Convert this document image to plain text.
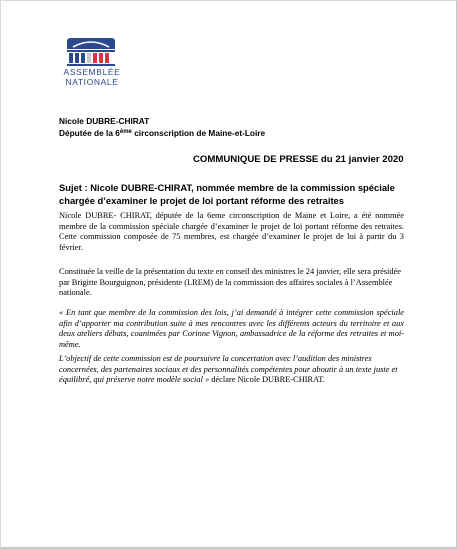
ASSEMBLÉE
NATIONALE
Nicole DUBRE-CHIRAT
Députée de la 6ème circonscription de Maine-et-Loire
COMMUNIQUE DE PRESSE du 21 janvier 2020
Sujet : Nicole DUBRE-CHIRAT, nommée membre de la commission spéciale chargée d’examiner le projet de loi portant réforme des retraites
Nicole DUBRE- CHIRAT, députée de la 6eme circonscription de Maine et Loire, a été nommée membre de la commission spéciale chargée d’examiner le projet de loi portant réforme des retraites. Cette commission composée de 75 membres, est chargée d’examiner le projet de loi à partir du 3 février.
Constituée la veille de la présentation du texte en conseil des ministres le 24 janvier, elle sera présidée par Brigitte Bourguignon, présidente (LREM) de la commission des affaires sociales à l’Assemblée nationale.
« En tant que membre de la commission des lois, j’ai demandé à intégrer cette commission spéciale afin d’apporter ma contribution suite à mes rencontres avec les différents acteurs du territoire et aux deux ateliers débats, coanimées par Corinne Vignon, ambassadrice de la réforme des retraites et moi-même.
L’objectif de cette commission est de poursuivre la concertation avec l’audition des ministres concernées, des partenaires sociaux et des personnalités compétentes pour aboutir à un texte juste et équilibré, qui préserve notre modèle social » déclare Nicole DUBRE-CHIRAT.
